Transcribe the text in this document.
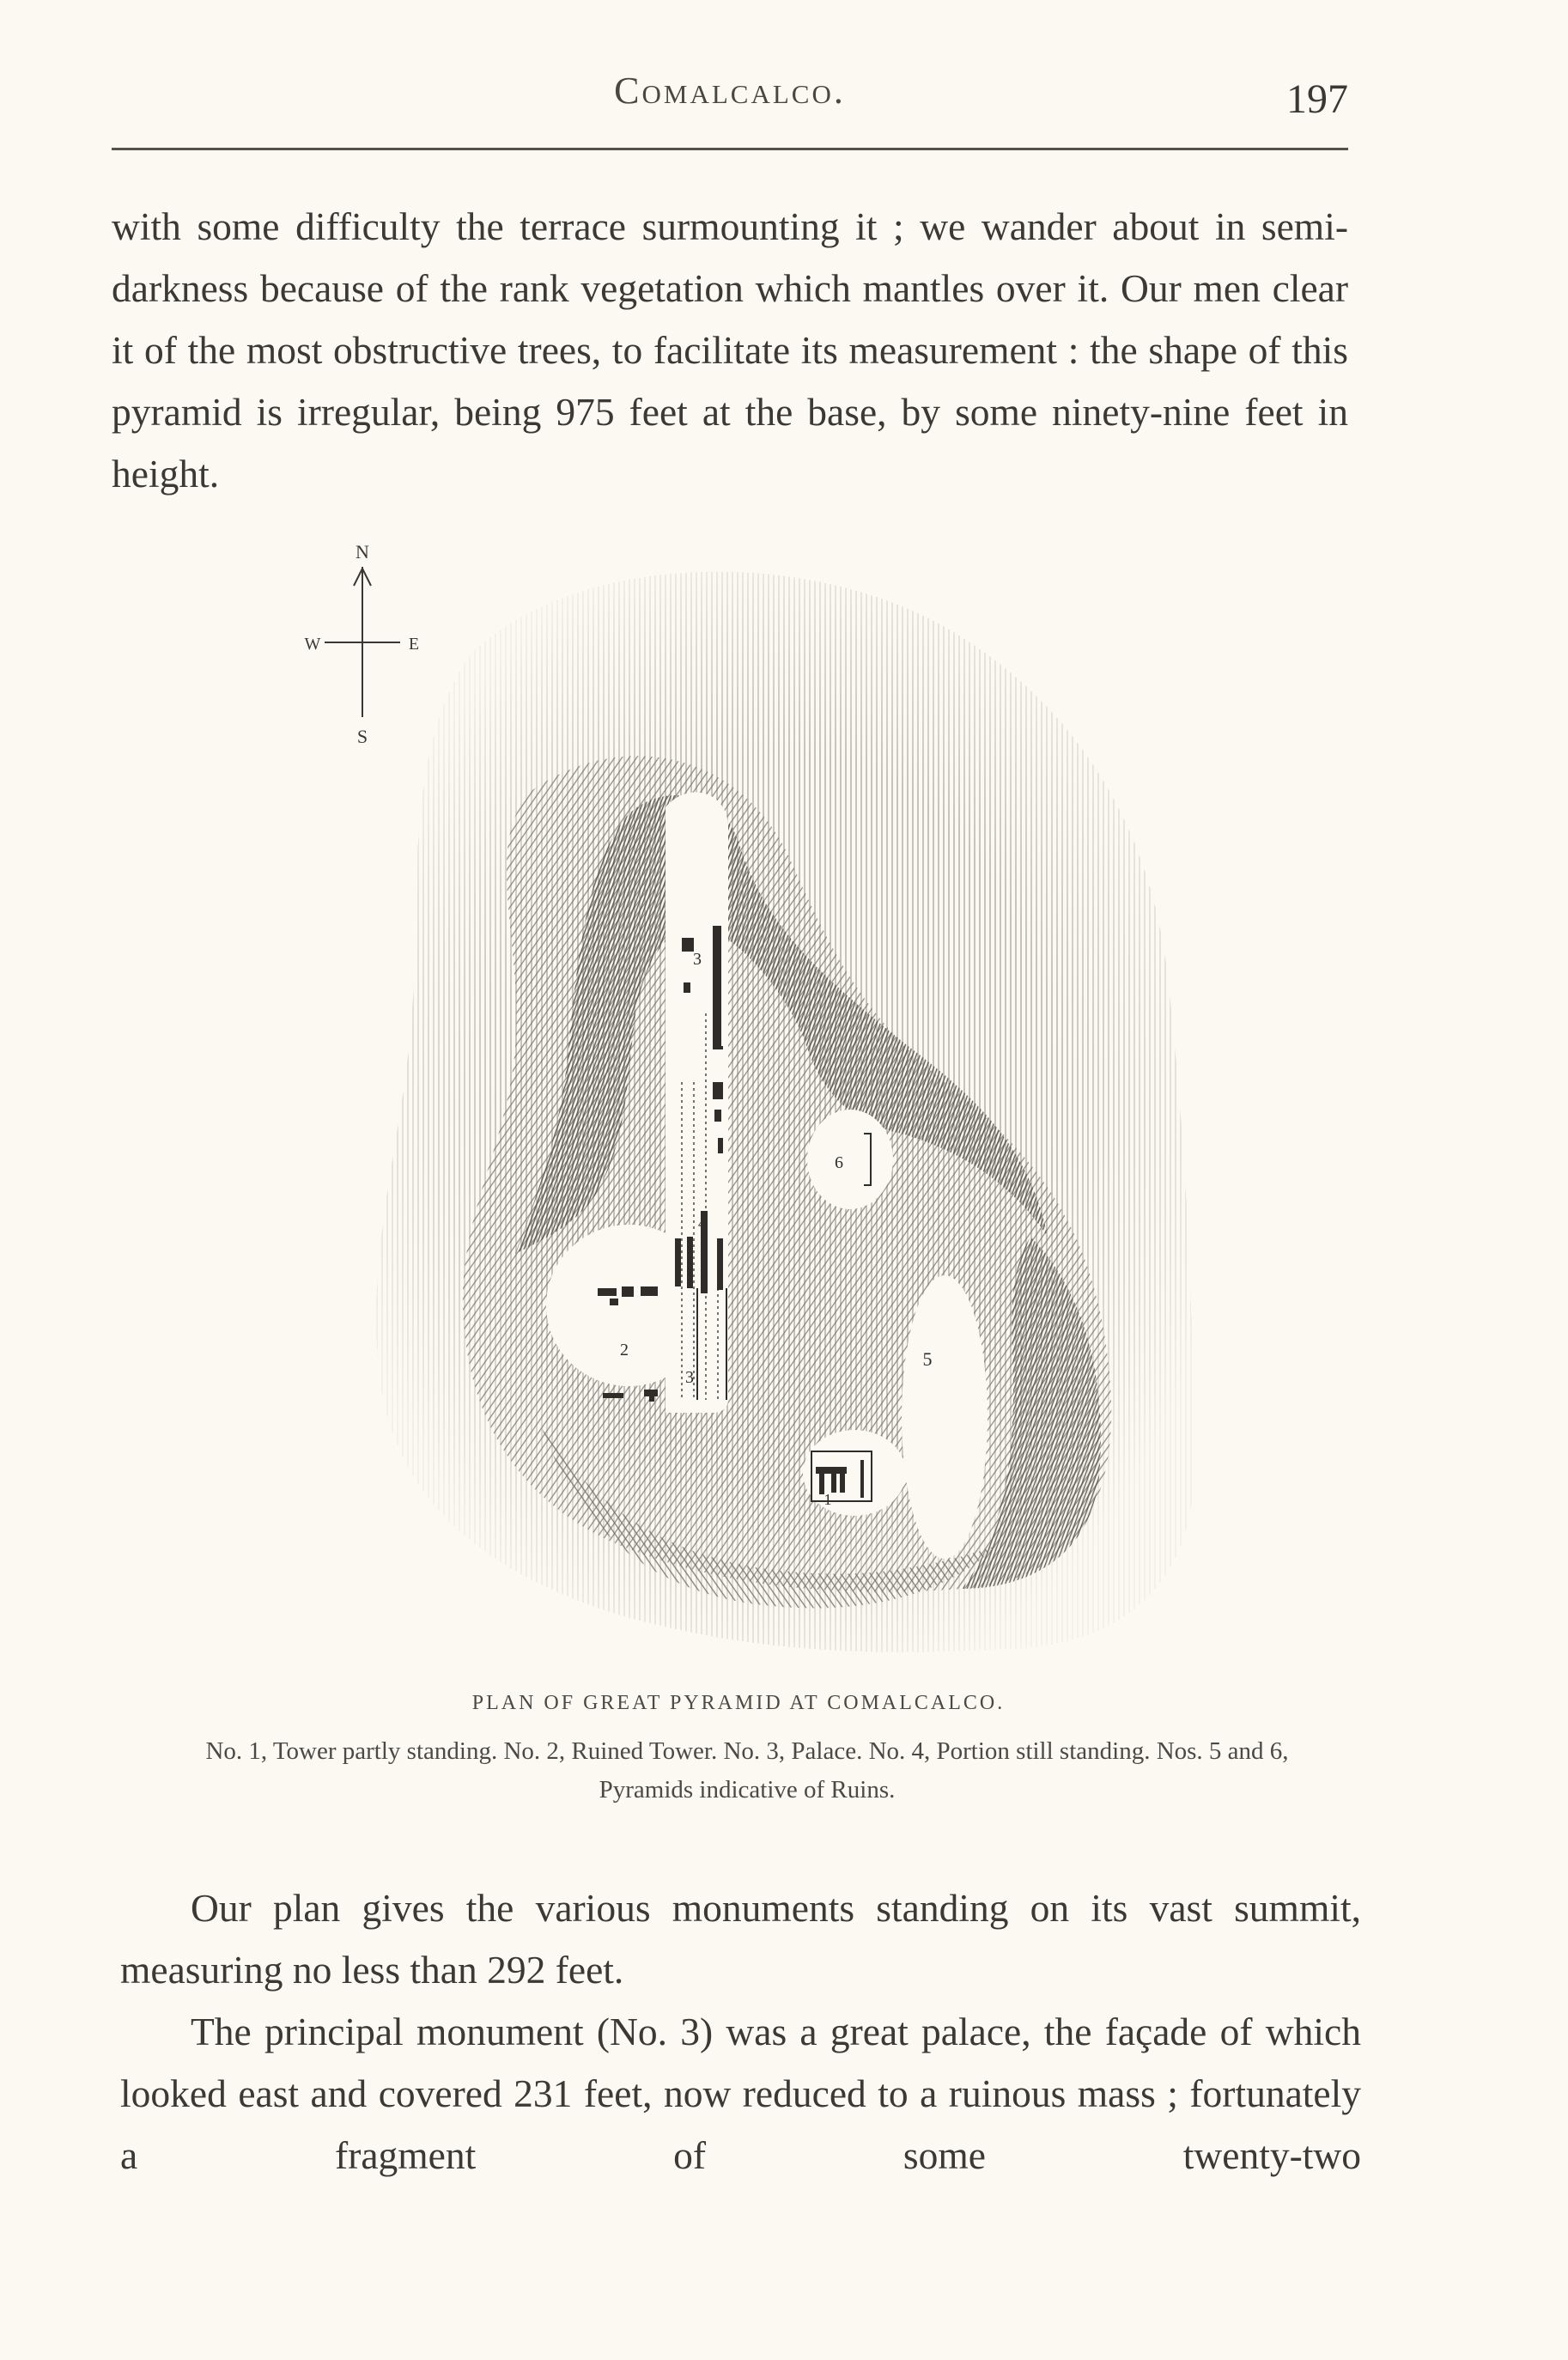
Comalcalco.	197

with some difficulty the terrace surmounting it ; we wander about in semi-darkness because of the rank vegetation which mantles over it. Our men clear it of the most obstructive trees, to facilitate its measurement : the shape of this pyramid is irregular, being 975 feet at the base, by some ninety-nine feet in height.

N
W	E
S
3
4
6
2
3
5
1
PLAN OF GREAT PYRAMID AT COMALCALCO.
No. 1, Tower partly standing. No. 2, Ruined Tower. No. 3, Palace. No. 4, Portion still standing. Nos. 5 and 6, Pyramids indicative of Ruins.

Our plan gives the various monuments standing on its vast summit, measuring no less than 292 feet.

The principal monument (No. 3) was a great palace, the façade of which looked east and covered 231 feet, now reduced to a ruinous mass ; fortunately a fragment of some twenty-two
